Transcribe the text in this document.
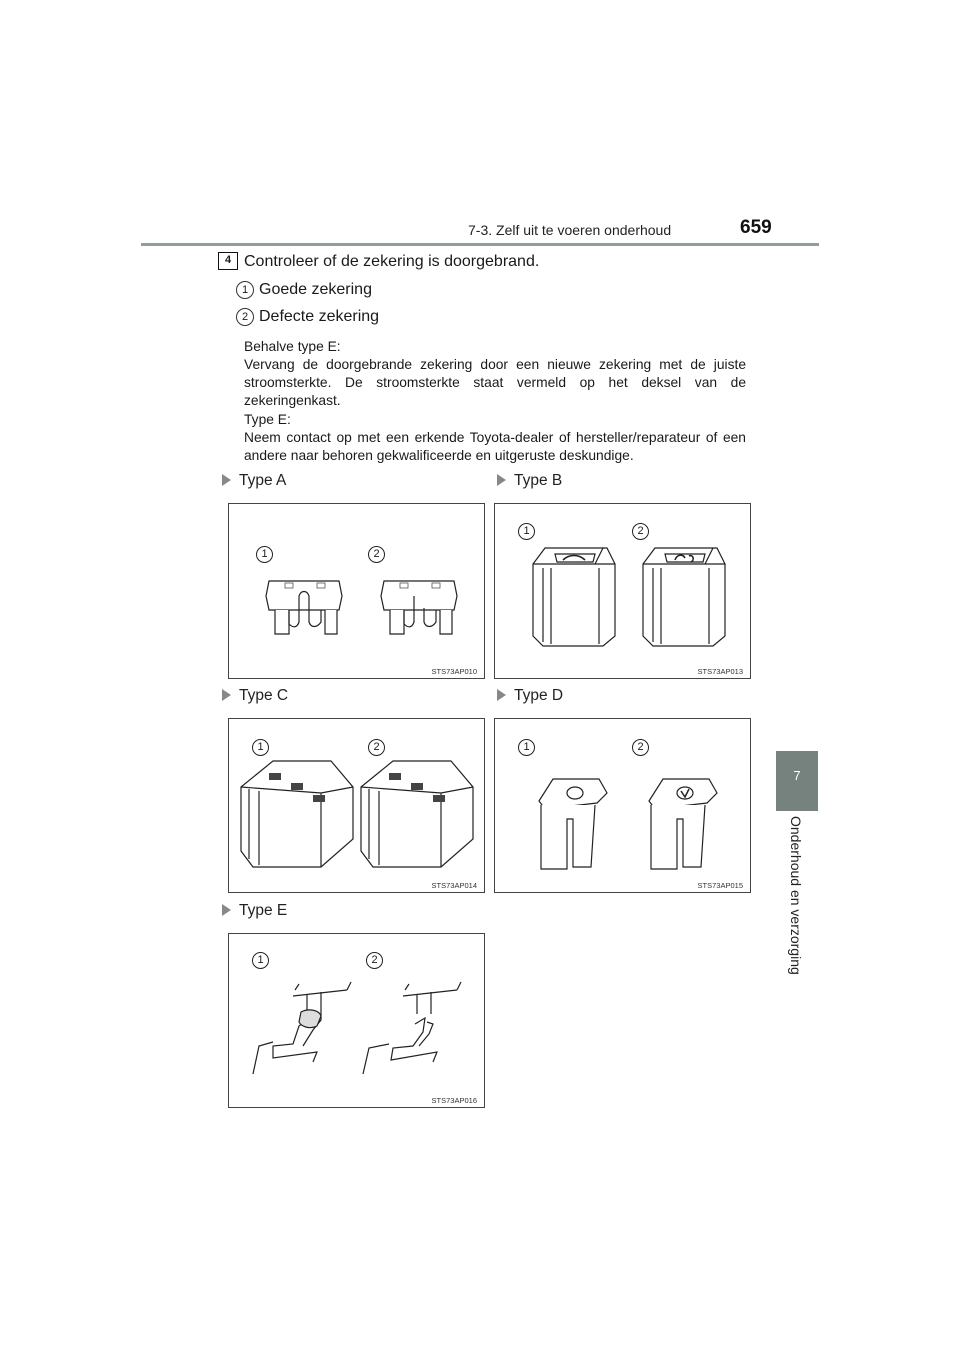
7-3. Zelf uit te voeren onderhoud	659
7
Onderhoud en verzorging
4 Controleer of de zekering is doorgebrand.
1 Goede zekering
2 Defecte zekering
Behalve type E:
Vervang de doorgebrande zekering door een nieuwe zekering met de juiste stroomsterkte. De stroomsterkte staat vermeld op het deksel van de zekeringenkast.
Type E:
Neem contact op met een erkende Toyota-dealer of hersteller/reparateur of een andere naar behoren gekwalificeerde en uitgeruste deskundige.
Type A	Type B
Type C	Type D
Type E
1	2
STS73AP010
1	2
STS73AP013
1	2
STS73AP014
1	2
STS73AP015
1	2
STS73AP016
